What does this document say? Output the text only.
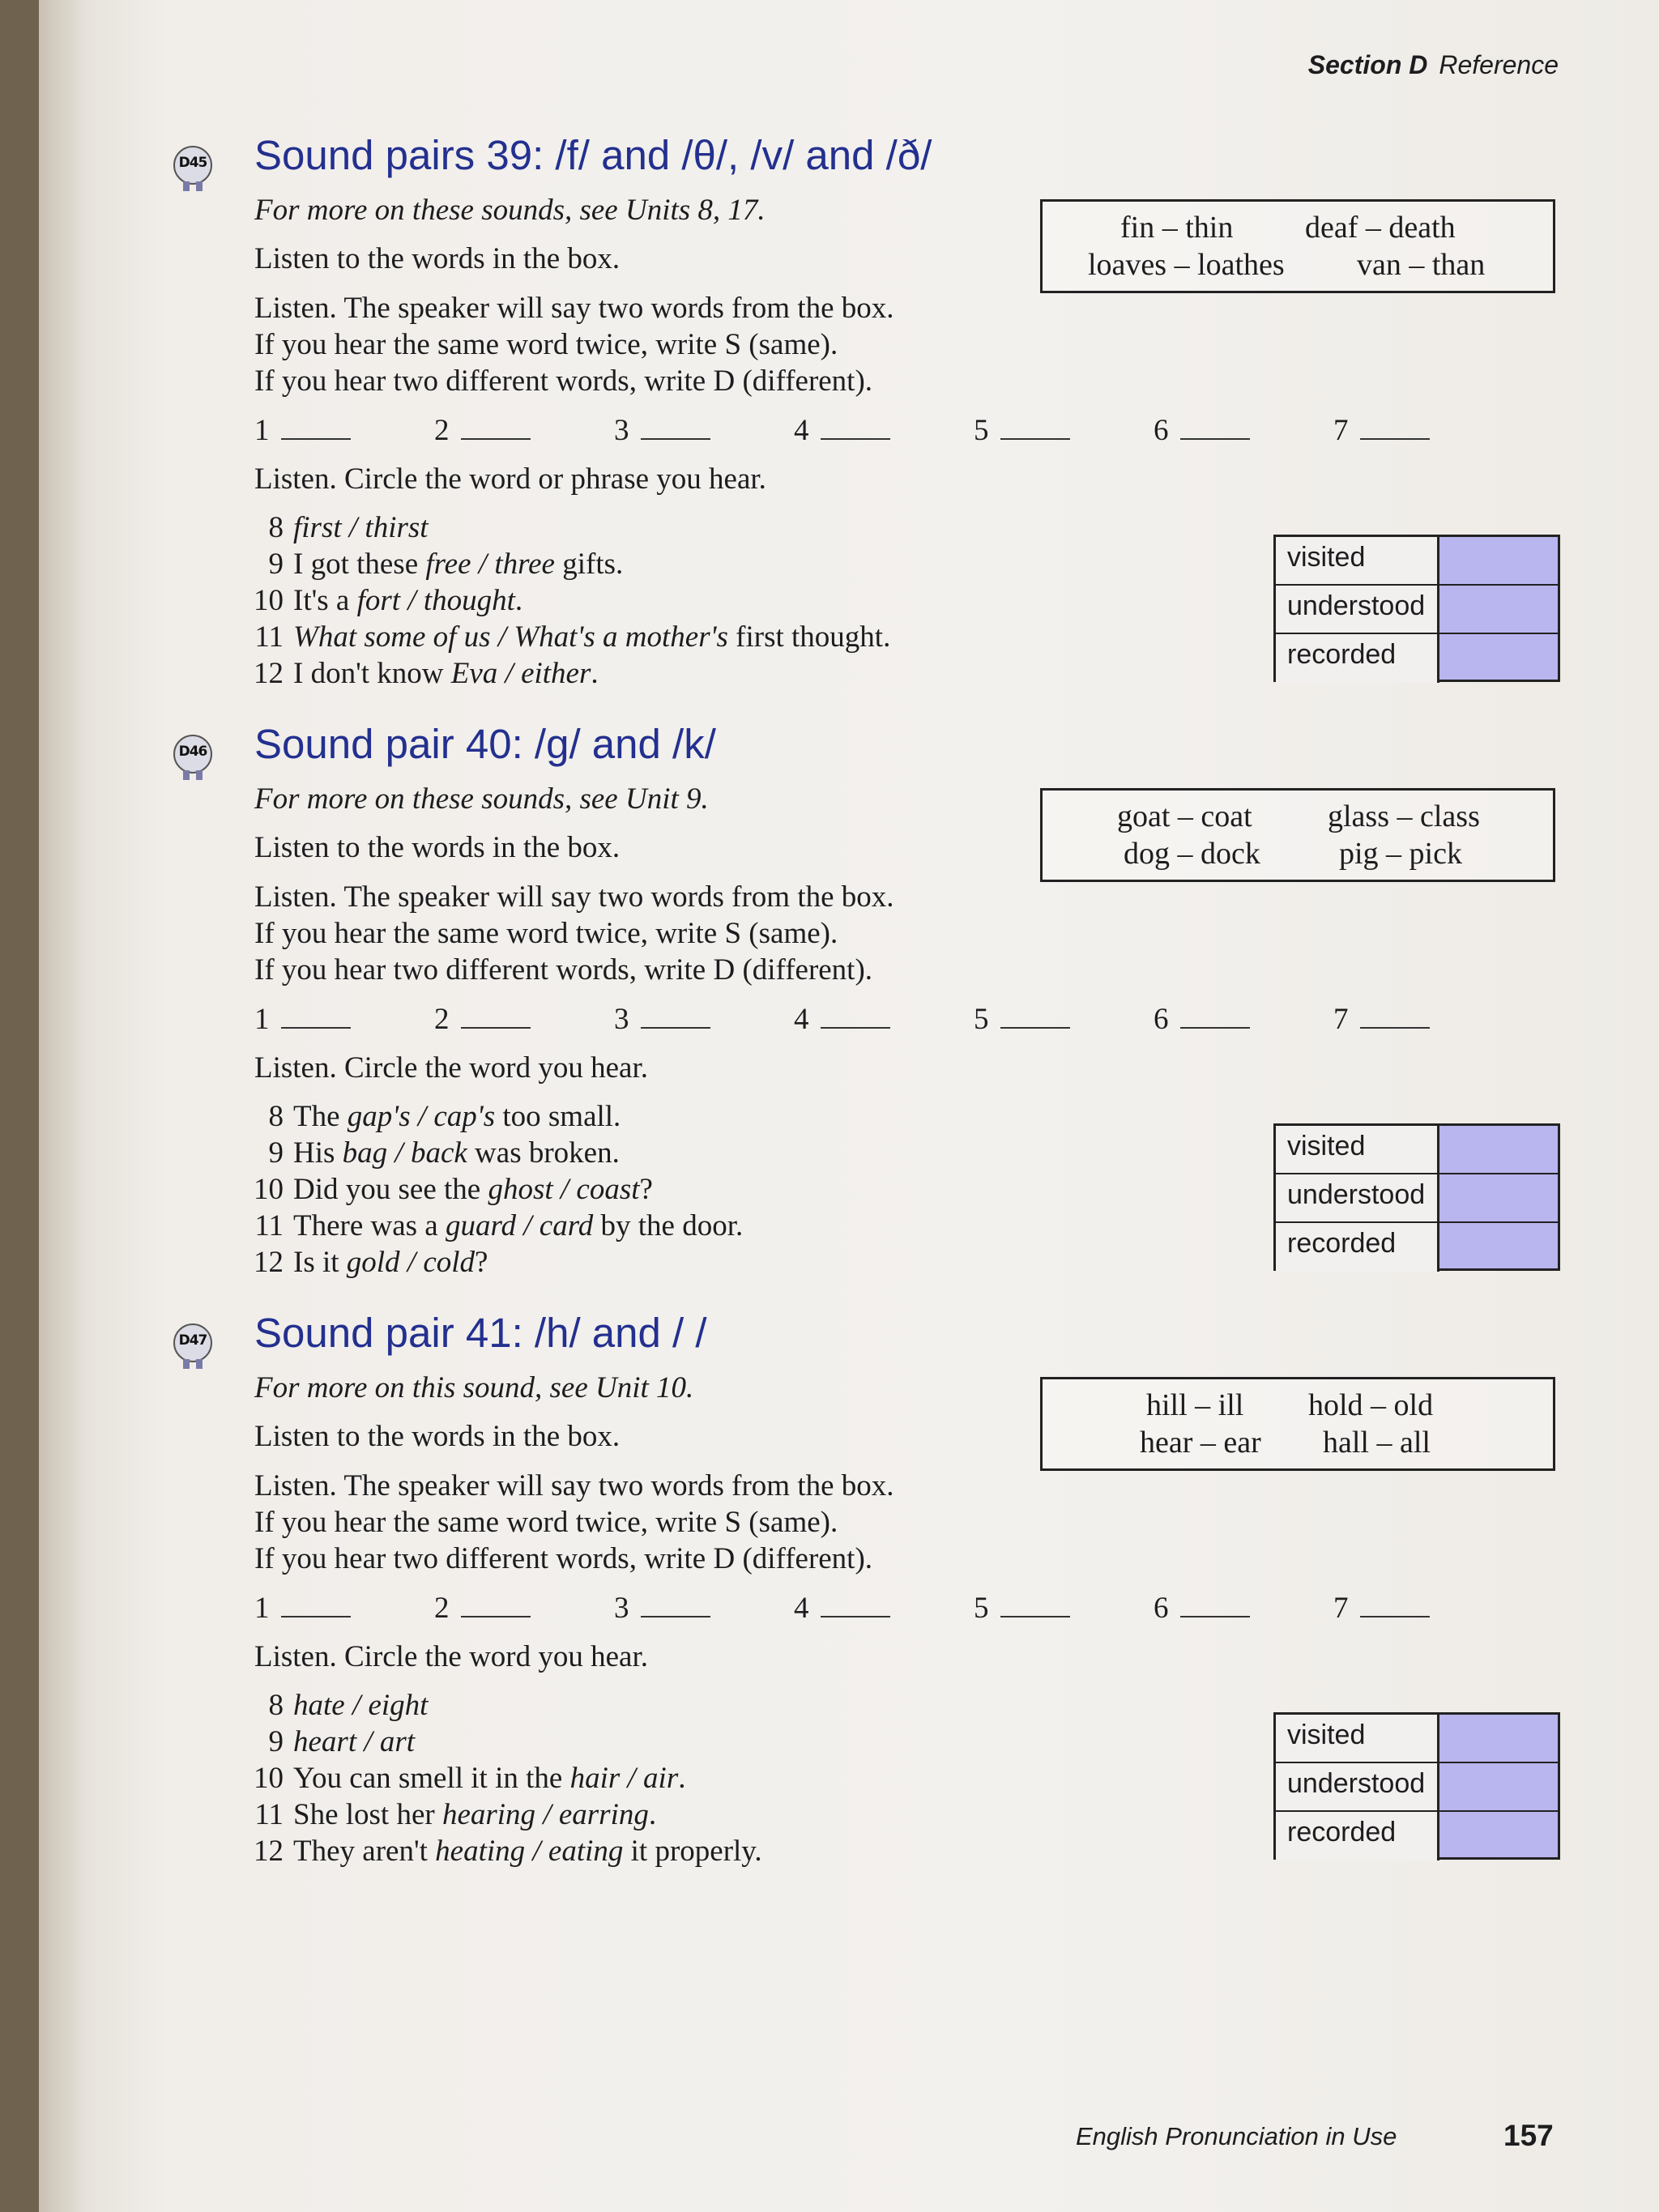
Section D Reference
D45 Sound pairs 39: /f/ and /θ/, /v/ and /ð/
For more on these sounds, see Units 8, 17.
Listen to the words in the box.
fin – thin deaf – death
loaves – loathes van – than
Listen. The speaker will say two words from the box.
If you hear the same word twice, write S (same).
If you hear two different words, write D (different).
1	2	3	4	5	6	7
Listen. Circle the word or phrase you hear.
8 first / thirst
9 I got these free / three gifts.
10 It's a fort / thought.
11 What some of us / What's a mother's first thought.
12 I don't know Eva / either.
visited
understood
recorded
D46 Sound pair 40: /g/ and /k/
For more on these sounds, see Unit 9.
Listen to the words in the box.
goat – coat glass – class
dog – dock	pig – pick
Listen. The speaker will say two words from the box.
If you hear the same word twice, write S (same).
If you hear two different words, write D (different).
1	2	3	4	5	6	7
Listen. Circle the word you hear.
8 The gap's / cap's too small.
9 His bag / back was broken.
10 Did you see the ghost / coast?
11 There was a guard / card by the door.
12 Is it gold / cold?
visited
understood
recorded
D47 Sound pair 41: /h/ and / /
For more on this sound, see Unit 10.
Listen to the words in the box.
hill – ill hold – old
hear – ear hall – all
Listen. The speaker will say two words from the box.
If you hear the same word twice, write S (same).
If you hear two different words, write D (different).
1	2	3	4	5	6	7
Listen. Circle the word you hear.
8 hate / eight
9 heart / art
10 You can smell it in the hair / air.
11 She lost her hearing / earring.
12 They aren't heating / eating it properly.
visited
understood
recorded
English Pronunciation in Use	157
